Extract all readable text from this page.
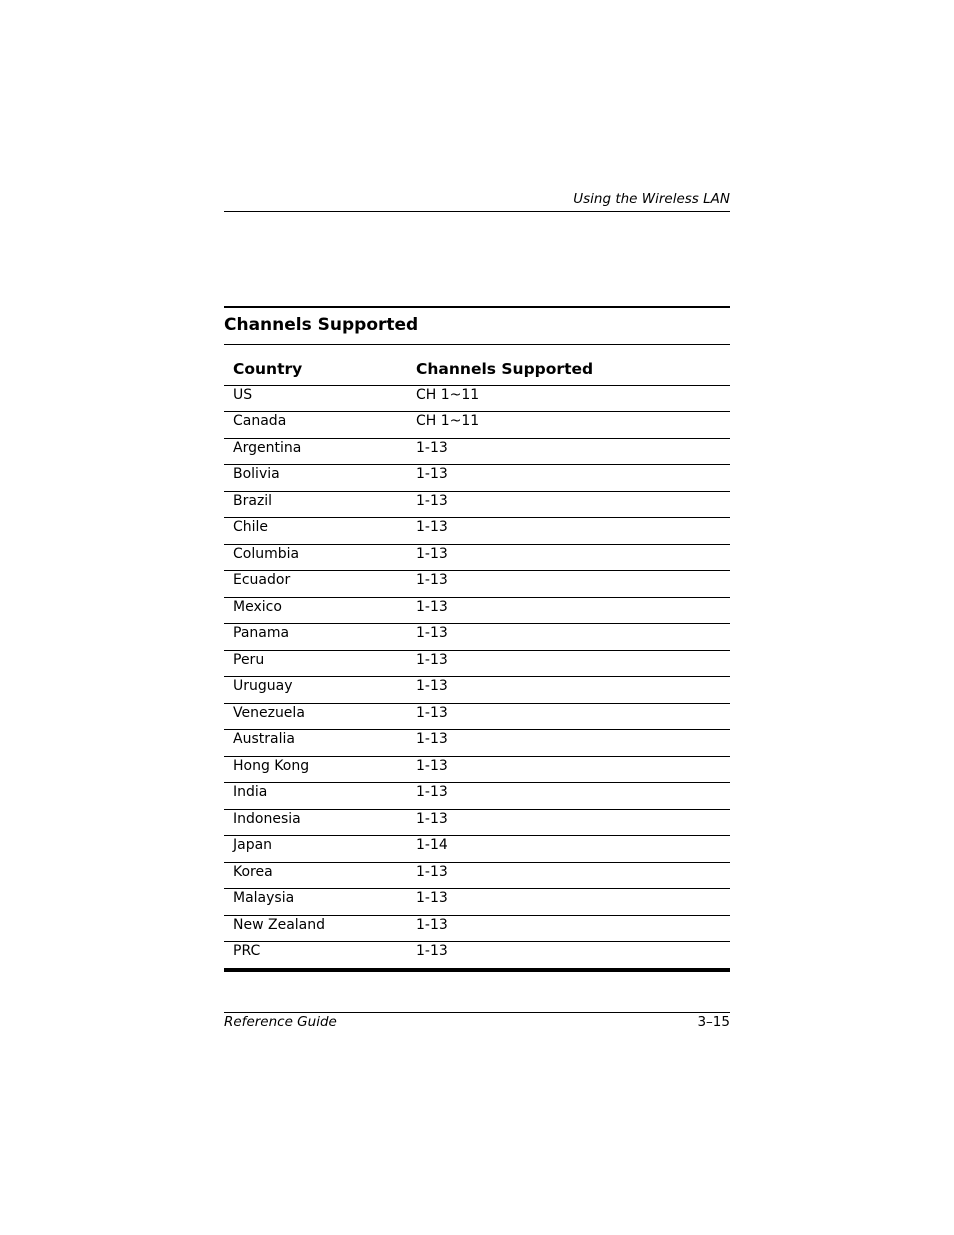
Using the Wireless LAN
Channels Supported
Country	Channels Supported
US	CH 1~11
Canada	CH 1~11
Argentina	1-13
Bolivia	1-13
Brazil	1-13
Chile	1-13
Columbia	1-13
Ecuador	1-13
Mexico	1-13
Panama	1-13
Peru	1-13
Uruguay	1-13
Venezuela	1-13
Australia	1-13
Hong Kong	1-13
India	1-13
Indonesia	1-13
Japan	1-14
Korea	1-13
Malaysia	1-13
New Zealand	1-13
PRC	1-13
Reference Guide	3–15
